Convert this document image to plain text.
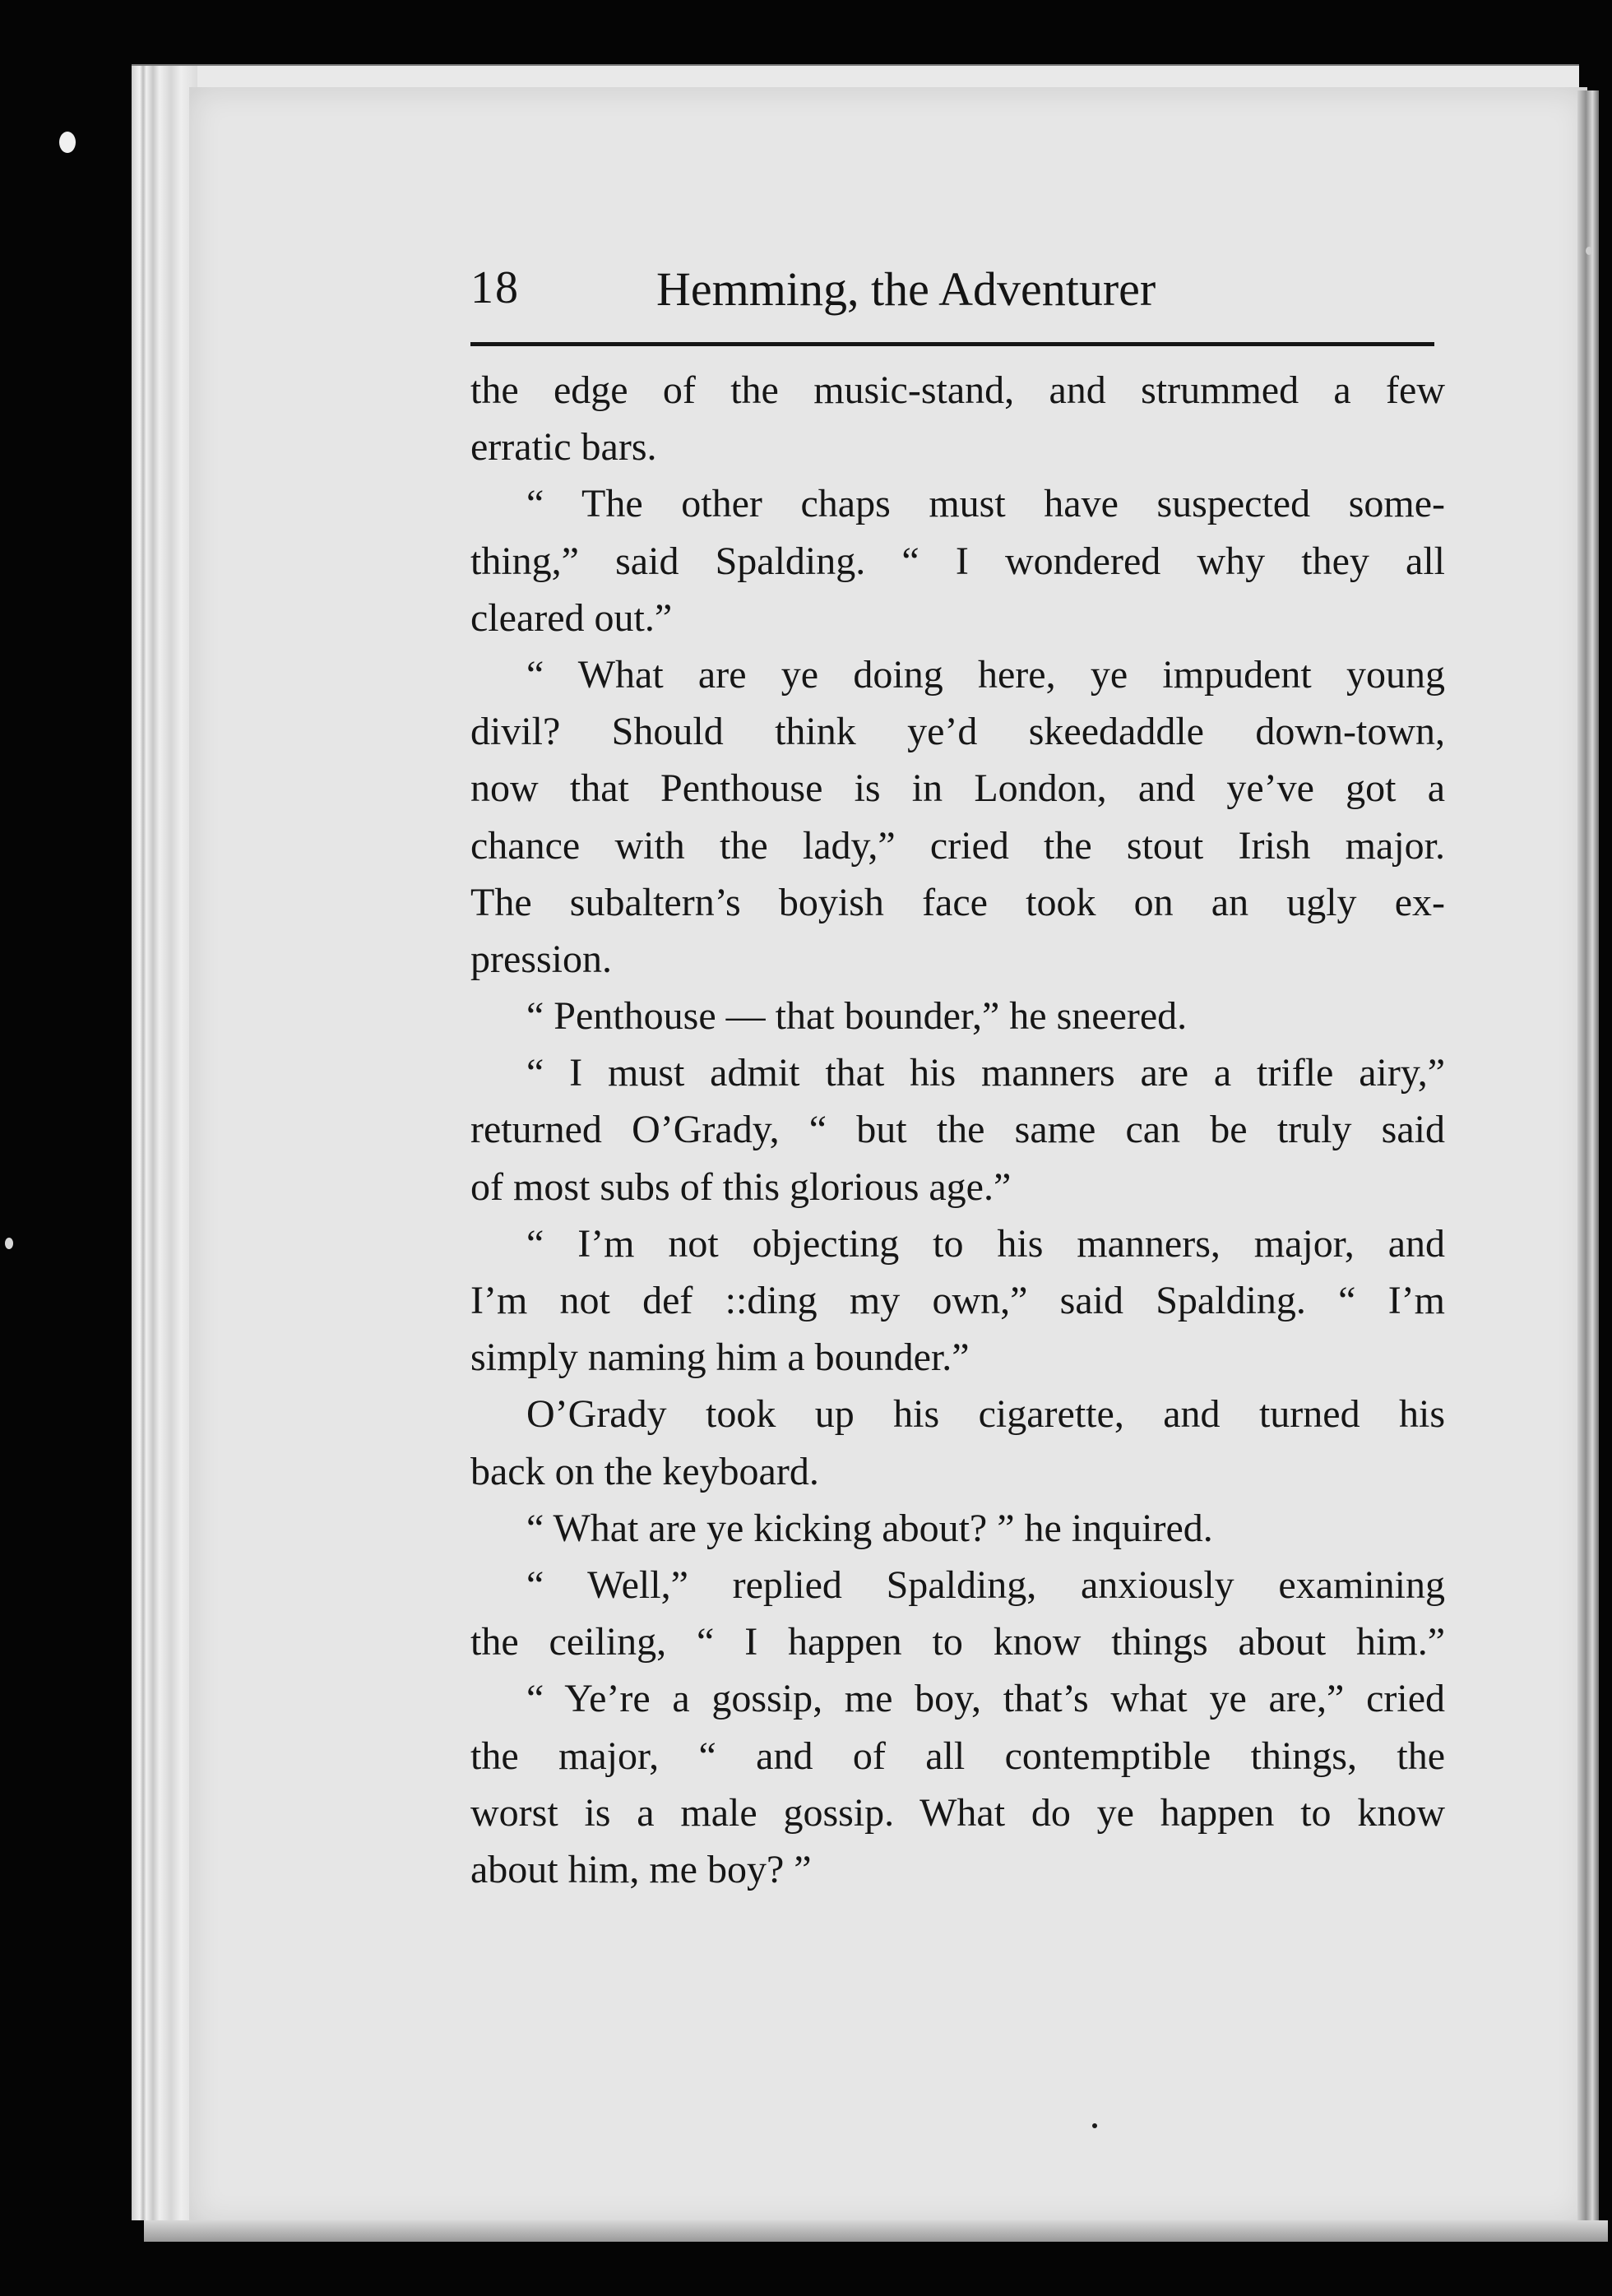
18	Hemming, the Adventurer
the edge of the music-stand, and strummed a few
erratic bars.
“ The other chaps must have suspected some-
thing,” said Spalding. “ I wondered why they all
cleared out.”
“ What are ye doing here, ye impudent young
divil? Should think ye’d skeedaddle down-town,
now that Penthouse is in London, and ye’ve got a
chance with the lady,” cried the stout Irish major.
The subaltern’s boyish face took on an ugly ex-
pression.
“ Penthouse — that bounder,” he sneered.
“ I must admit that his manners are a trifle airy,”
returned O’Grady, “ but the same can be truly said
of most subs of this glorious age.”
“ I’m not objecting to his manners, major, and
I’m not def ::ding my own,” said Spalding. “ I’m
simply naming him a bounder.”
O’Grady took up his cigarette, and turned his
back on the keyboard.
“ What are ye kicking about? ” he inquired.
“ Well,” replied Spalding, anxiously examining
the ceiling, “ I happen to know things about him.”
“ Ye’re a gossip, me boy, that’s what ye are,” cried
the major, “ and of all contemptible things, the
worst is a male gossip. What do ye happen to know
about him, me boy? ”
